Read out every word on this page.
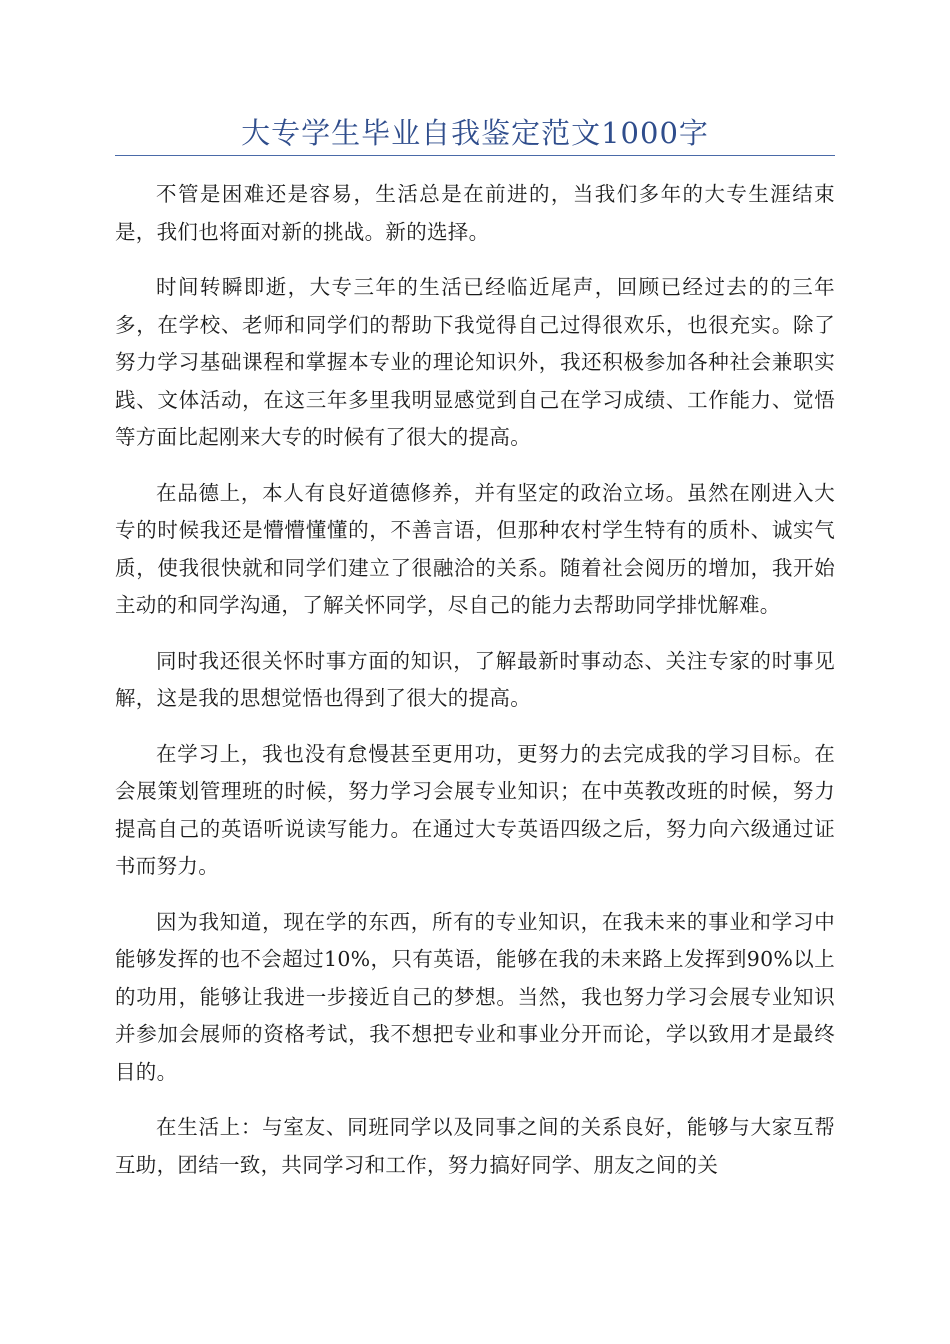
大专学生毕业自我鉴定范文1000字

不管是困难还是容易，生活总是在前进的，当我们多年的大专生涯结束是，我们也将面对新的挑战。新的选择。

时间转瞬即逝，大专三年的生活已经临近尾声，回顾已经过去的的三年多，在学校、老师和同学们的帮助下我觉得自己过得很欢乐，也很充实。除了努力学习基础课程和掌握本专业的理论知识外，我还积极参加各种社会兼职实践、文体活动，在这三年多里我明显感觉到自己在学习成绩、工作能力、觉悟等方面比起刚来大专的时候有了很大的提高。

在品德上，本人有良好道德修养，并有坚定的政治立场。虽然在刚进入大专的时候我还是懵懵懂懂的，不善言语，但那种农村学生特有的质朴、诚实气质，使我很快就和同学们建立了很融洽的关系。随着社会阅历的增加，我开始主动的和同学沟通，了解关怀同学，尽自己的能力去帮助同学排忧解难。

同时我还很关怀时事方面的知识，了解最新时事动态、关注专家的时事见解，这是我的思想觉悟也得到了很大的提高。

在学习上，我也没有怠慢甚至更用功，更努力的去完成我的学习目标。在会展策划管理班的时候，努力学习会展专业知识；在中英教改班的时候，努力提高自己的英语听说读写能力。在通过大专英语四级之后，努力向六级通过证书而努力。

因为我知道，现在学的东西，所有的专业知识，在我未来的事业和学习中能够发挥的也不会超过10%，只有英语，能够在我的未来路上发挥到90%以上的功用，能够让我进一步接近自己的梦想。当然，我也努力学习会展专业知识并参加会展师的资格考试，我不想把专业和事业分开而论，学以致用才是最终目的。

在生活上：与室友、同班同学以及同事之间的关系良好，能够与大家互帮互助，团结一致，共同学习和工作，努力搞好同学、朋友之间的关
